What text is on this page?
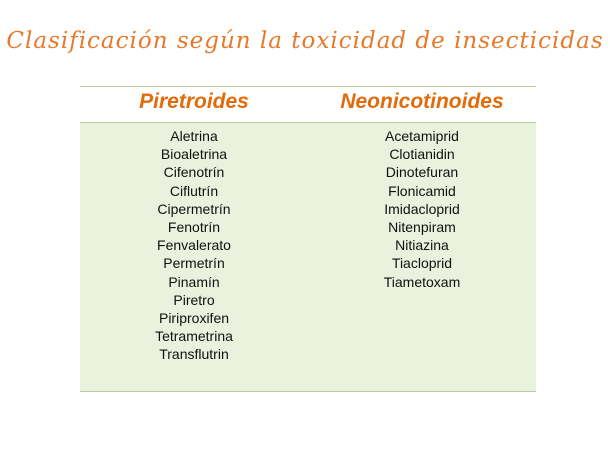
Clasificación según la toxicidad de insecticidas
Piretroides	Neonicotinoides
Aletrina
Bioaletrina
Cifenotrín
Ciflutrín
Cipermetrín
Fenotrín
Fenvalerato
Permetrín
Pinamín
Piretro
Piriproxifen
Tetrametrina
Transflutrin
Acetamiprid
Clotianidin
Dinotefuran
Flonicamid
Imidacloprid
Nitenpiram
Nitiazina
Tiacloprid
Tiametoxam
